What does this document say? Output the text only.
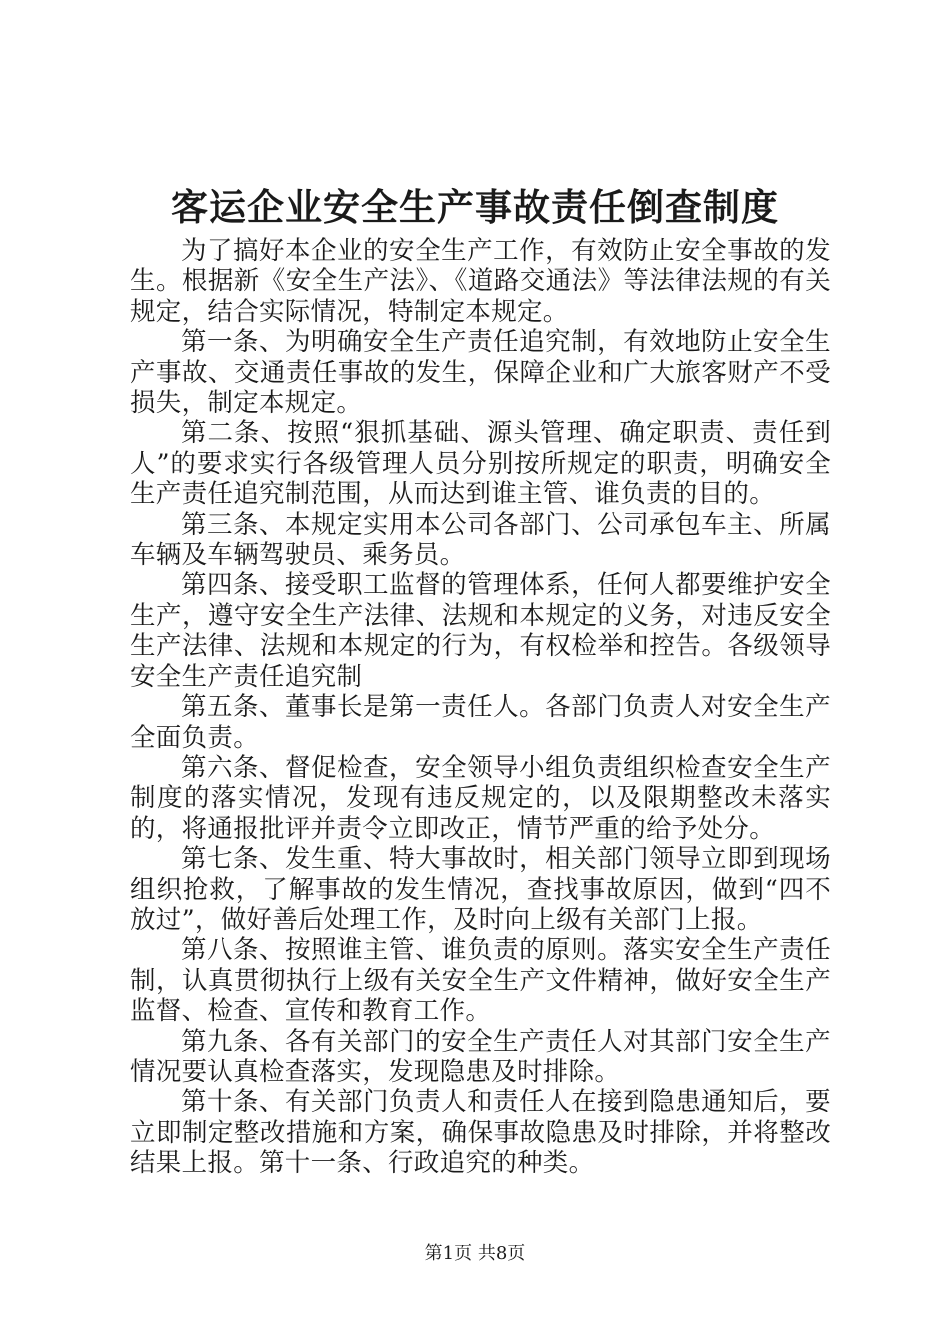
客运企业安全生产事故责任倒查制度

为了搞好本企业的安全生产工作，有效防止安全事故的发生。根据新《安全生产法》、《道路交通法》等法律法规的有关规定，结合实际情况，特制定本规定。

第一条、为明确安全生产责任追究制，有效地防止安全生产事故、交通责任事故的发生，保障企业和广大旅客财产不受损失，制定本规定。

第二条、按照“狠抓基础、源头管理、确定职责、责任到人”的要求实行各级管理人员分别按所规定的职责，明确安全生产责任追究制范围，从而达到谁主管、谁负责的目的。

第三条、本规定实用本公司各部门、公司承包车主、所属车辆及车辆驾驶员、乘务员。

第四条、接受职工监督的管理体系，任何人都要维护安全生产，遵守安全生产法律、法规和本规定的义务，对违反安全生产法律、法规和本规定的行为，有权检举和控告。各级领导安全生产责任追究制

第五条、董事长是第一责任人。各部门负责人对安全生产全面负责。

第六条、督促检查，安全领导小组负责组织检查安全生产制度的落实情况，发现有违反规定的，以及限期整改未落实的，将通报批评并责令立即改正，情节严重的给予处分。

第七条、发生重、特大事故时，相关部门领导立即到现场组织抢救，了解事故的发生情况，查找事故原因，做到“四不放过”，做好善后处理工作，及时向上级有关部门上报。

第八条、按照谁主管、谁负责的原则。落实安全生产责任制，认真贯彻执行上级有关安全生产文件精神，做好安全生产监督、检查、宣传和教育工作。

第九条、各有关部门的安全生产责任人对其部门安全生产情况要认真检查落实，发现隐患及时排除。

第十条、有关部门负责人和责任人在接到隐患通知后，要立即制定整改措施和方案，确保事故隐患及时排除，并将整改结果上报。第十一条、行政追究的种类。

第1页 共8页
